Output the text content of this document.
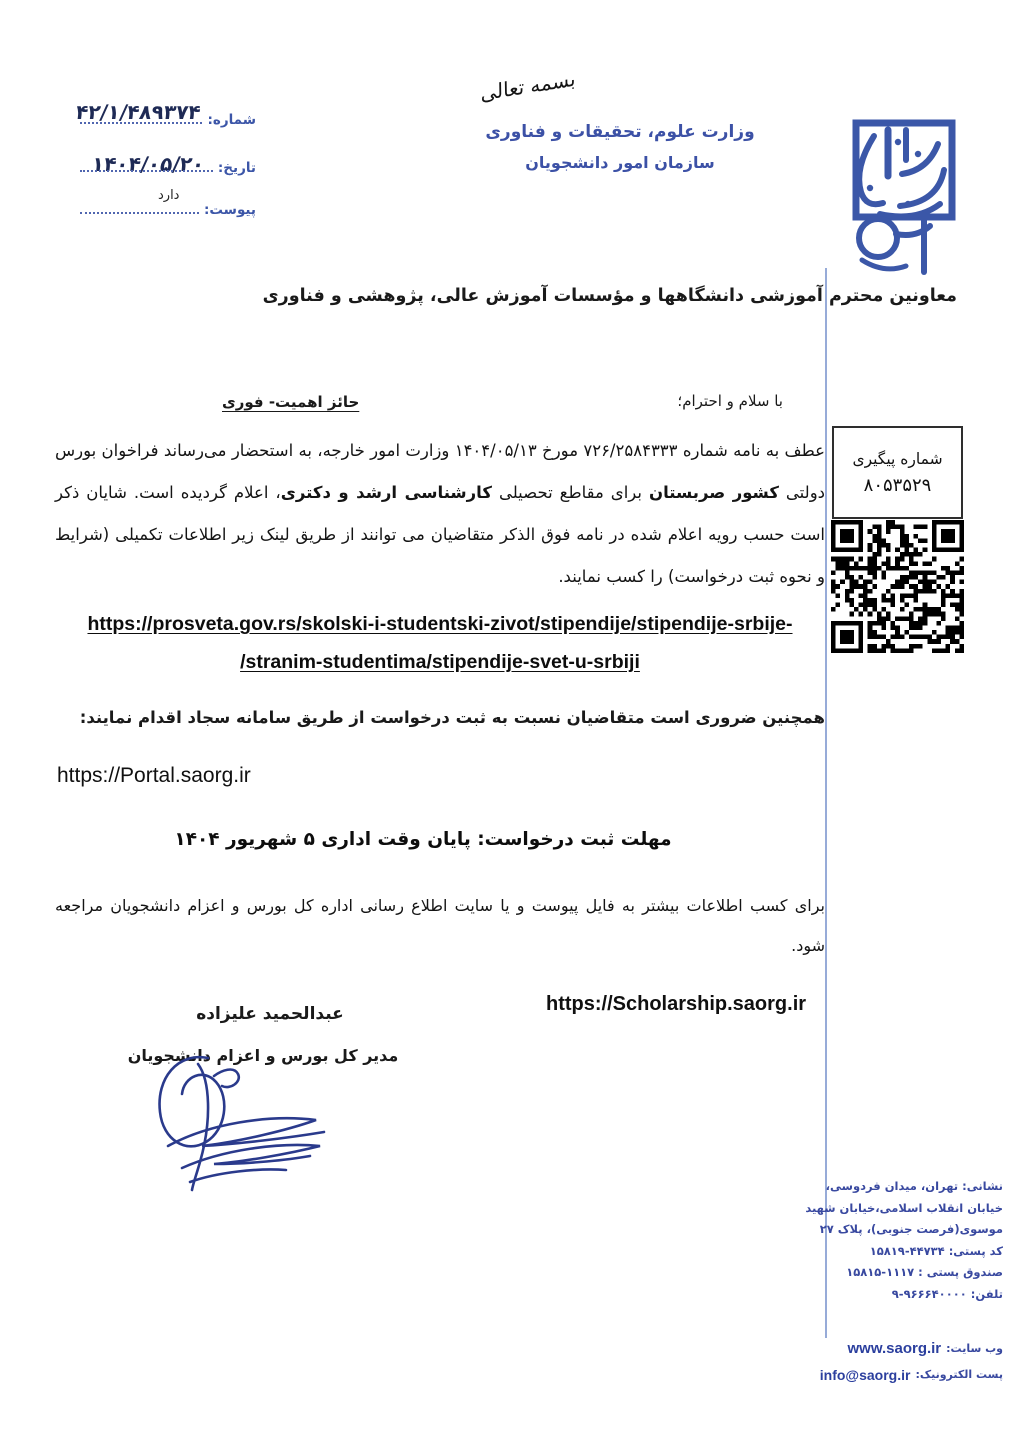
۴۲/۱/۴۸۹۳۷۴ شماره:
۱۴۰۴/۰۵/۲۰ تاریخ:
دارد
پیوست:
بسمه تعالی
وزارت علوم، تحقیقات و فناوری
سازمان امور دانشجویان
شماره پیگیری
۸۰۵۳۵۲۹
معاونین محترم آموزشی دانشگاهها و مؤسسات آموزش عالی، پژوهشی و فناوری
با سلام و احترام؛
حائز اهمیت- فوری
عطف به نامه شماره ۷۲۶/۲۵۸۴۳۳۳ مورخ ۱۴۰۴/۰۵/۱۳ وزارت امور خارجه، به استحضار می‌رساند فراخوان بورس دولتی کشور صربستان برای مقاطع تحصیلی کارشناسی ارشد و دکتری، اعلام گردیده است. شایان ذکر است حسب رویه اعلام شده در نامه فوق الذکر متقاضیان می توانند از طریق لینک زیر اطلاعات تکمیلی (شرایط و نحوه ثبت درخواست) را کسب نمایند.
https://prosveta.gov.rs/skolski-i-studentski-zivot/stipendije/stipendije-srbije-
/stranim-studentima/stipendije-svet-u-srbiji
همچنین ضروری است متقاضیان نسبت به ثبت درخواست از طریق سامانه سجاد اقدام نمایند:
https://Portal.saorg.ir
مهلت ثبت درخواست: پایان وقت اداری ۵ شهریور ۱۴۰۴
برای کسب اطلاعات بیشتر به فایل پیوست و یا سایت اطلاع رسانی اداره کل بورس و اعزام دانشجویان مراجعه شود.
https://Scholarship.saorg.ir
عبدالحمید علیزاده
مدیر کل بورس و اعزام دانشجویان
نشانی: تهران، میدان فردوسی،
خیابان انقلاب اسلامی،خیابان شهید
موسوی(فرصت جنوبی)، پلاک ۲۷
کد پستی:
۱۵۸۱۹-۴۴۷۳۴
صندوق پستی :
۱۵۸۱۵-۱۱۱۷
تلفن:
۹-۹۶۶۶۴۰۰۰۰
وب سایت:
www.saorg.ir
پست الکترونیک:
info@saorg.ir
